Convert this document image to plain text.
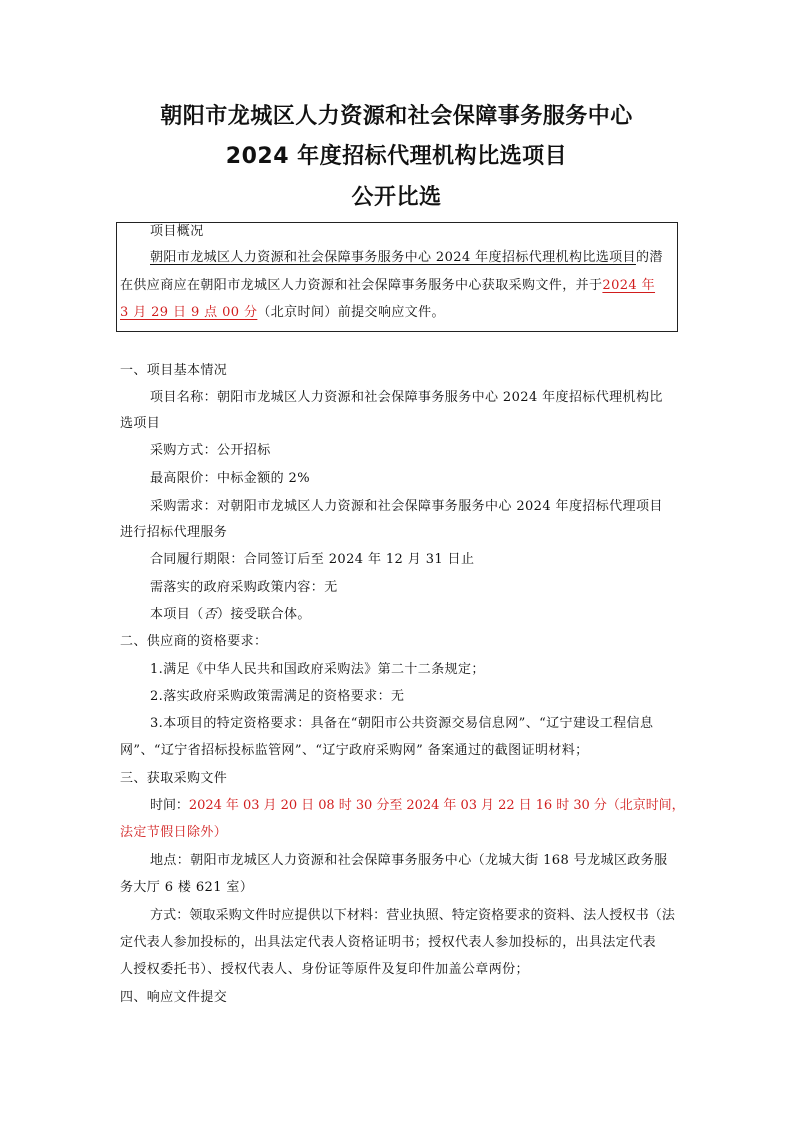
朝阳市龙城区人力资源和社会保障事务服务中心
2024 年度招标代理机构比选项目
公开比选
项目概况
朝阳市龙城区人力资源和社会保障事务服务中心 2024 年度招标代理机构比选项目的潜
在供应商应在朝阳市龙城区人力资源和社会保障事务服务中心获取采购文件，并于2024 年
3 月 29 日 9 点 00 分（北京时间）前提交响应文件。
一、项目基本情况
项目名称：朝阳市龙城区人力资源和社会保障事务服务中心 2024 年度招标代理机构比
选项目
采购方式：公开招标
最高限价：中标金额的 2%
采购需求：对朝阳市龙城区人力资源和社会保障事务服务中心 2024 年度招标代理项目
进行招标代理服务
合同履行期限：合同签订后至 2024 年 12 月 31 日止
需落实的政府采购政策内容：无
本项目（否）接受联合体。
二、供应商的资格要求：
1.满足《中华人民共和国政府采购法》第二十二条规定；
2.落实政府采购政策需满足的资格要求：无
3.本项目的特定资格要求：具备在“朝阳市公共资源交易信息网”、“辽宁建设工程信息
网”、“辽宁省招标投标监管网”、“辽宁政府采购网” 备案通过的截图证明材料；
三、获取采购文件
时间：2024 年 03 月 20 日 08 时 30 分至 2024 年 03 月 22 日 16 时 30 分（北京时间，
法定节假日除外）
地点：朝阳市龙城区人力资源和社会保障事务服务中心（龙城大街 168 号龙城区政务服
务大厅 6 楼 621 室）
方式：领取采购文件时应提供以下材料：营业执照、特定资格要求的资料、法人授权书（法
定代表人参加投标的，出具法定代表人资格证明书；授权代表人参加投标的，出具法定代表
人授权委托书）、授权代表人、身份证等原件及复印件加盖公章两份；
四、响应文件提交
